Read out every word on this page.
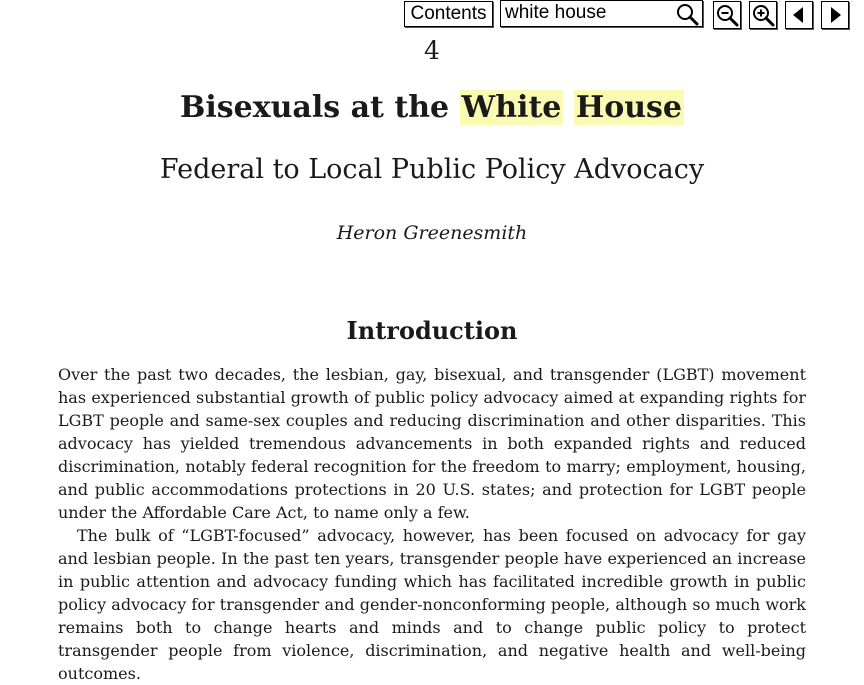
Contents
white house
4
Bisexuals at the White House
Federal to Local Public Policy Advocacy
Heron Greenesmith
Introduction

Over the past two decades, the lesbian, gay, bisexual, and transgender (LGBT) movement has experienced substantial growth of public policy advocacy aimed at expanding rights for LGBT people and same-sex couples and reducing discrimination and other disparities. This advocacy has yielded tremendous advancements in both expanded rights and reduced discrimination, notably federal recognition for the freedom to marry; employment, housing, and public accommodations protections in 20 U.S. states; and protection for LGBT people under the Affordable Care Act, to name only a few.

The bulk of “LGBT-focused” advocacy, however, has been focused on advocacy for gay and lesbian people. In the past ten years, transgender people have experienced an increase in public attention and advocacy funding which has facilitated incredible growth in public policy advocacy for transgender and gender-nonconforming people, although so much work remains both to change hearts and minds and to change public policy to protect transgender people from violence, discrimination, and negative health and well-being outcomes.
